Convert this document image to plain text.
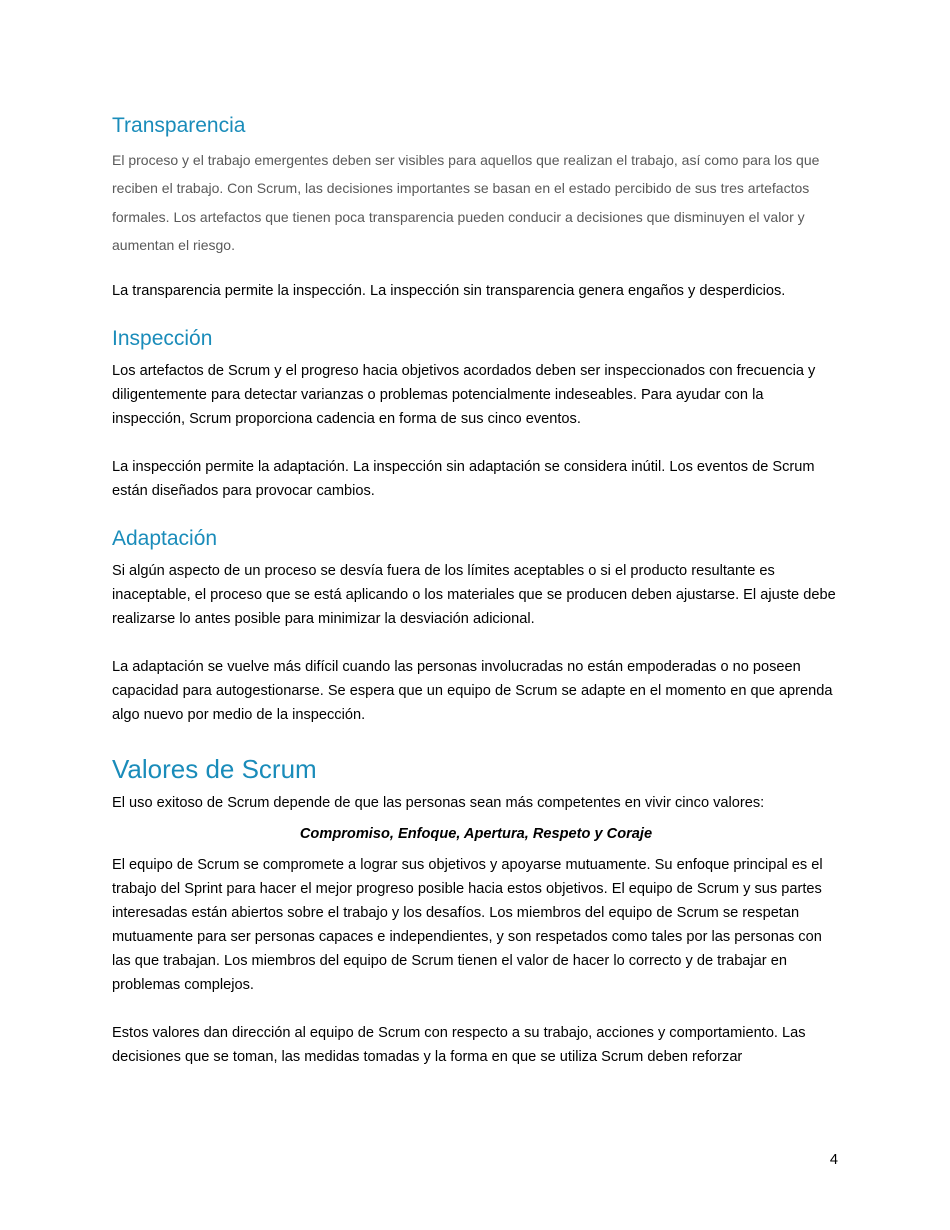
Transparencia

El proceso y el trabajo emergentes deben ser visibles para aquellos que realizan el trabajo, así como para los que reciben el trabajo. Con Scrum, las decisiones importantes se basan en el estado percibido de sus tres artefactos formales. Los artefactos que tienen poca transparencia pueden conducir a decisiones que disminuyen el valor y aumentan el riesgo.

La transparencia permite la inspección. La inspección sin transparencia genera engaños y desperdicios.

Inspección

Los artefactos de Scrum y el progreso hacia objetivos acordados deben ser inspeccionados con frecuencia y diligentemente para detectar varianzas o problemas potencialmente indeseables. Para ayudar con la inspección, Scrum proporciona cadencia en forma de sus cinco eventos.

La inspección permite la adaptación. La inspección sin adaptación se considera inútil. Los eventos de Scrum están diseñados para provocar cambios.

Adaptación

Si algún aspecto de un proceso se desvía fuera de los límites aceptables o si el producto resultante es inaceptable, el proceso que se está aplicando o los materiales que se producen deben ajustarse. El ajuste debe realizarse lo antes posible para minimizar la desviación adicional.

La adaptación se vuelve más difícil cuando las personas involucradas no están empoderadas o no poseen capacidad para autogestionarse. Se espera que un equipo de Scrum se adapte en el momento en que aprenda algo nuevo por medio de la inspección.

Valores de Scrum

El uso exitoso de Scrum depende de que las personas sean más competentes en vivir cinco valores:

Compromiso, Enfoque, Apertura, Respeto y Coraje

El equipo de Scrum se compromete a lograr sus objetivos y apoyarse mutuamente. Su enfoque principal es el trabajo del Sprint para hacer el mejor progreso posible hacia estos objetivos. El equipo de Scrum y sus partes interesadas están abiertos sobre el trabajo y los desafíos. Los miembros del equipo de Scrum se respetan mutuamente para ser personas capaces e independientes, y son respetados como tales por las personas con las que trabajan. Los miembros del equipo de Scrum tienen el valor de hacer lo correcto y de trabajar en problemas complejos.

Estos valores dan dirección al equipo de Scrum con respecto a su trabajo, acciones y comportamiento. Las decisiones que se toman, las medidas tomadas y la forma en que se utiliza Scrum deben reforzar

4
